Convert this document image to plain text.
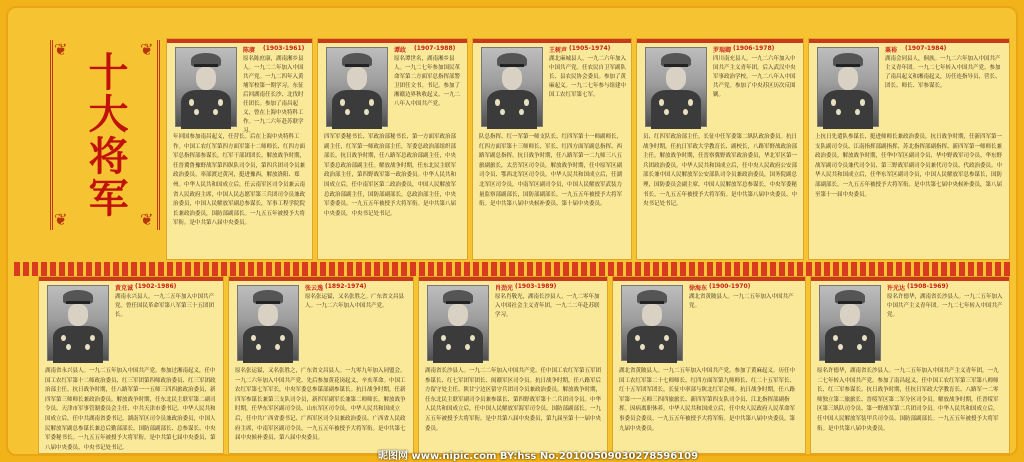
❦	❦
❦	❦
十大将军
陈赓 (1903-1961)
原名陈庶康，湖南湘乡县人。一九二二年加入中国共产党。一九二四年入黄埔军校第一期学习。东征后回湖南任长沙、北伐时任团长。参加了南昌起义，曾在上海中央特科工作。一九二六年赴苏联学习。
年回国参加南昌起义，任营长。后在上海中央特科工作。中国工农红军第四方面军第十二师师长、红四方面军总指挥部参谋长，红军干部团团长。解放战争时期，任晋冀鲁豫野战军第四纵队司令员，第四兵团司令员兼政治委员。率部渡过黄河，挺进豫西，解放洛阳、郑州。中华人民共和国成立后，任云南军区司令员兼云南省人民政府主席，中国人民志愿军第三兵团司令员兼政治委员，中国人民解放军副总参谋长，军事工程学院院长兼政治委员，国防部副部长。一九五五年被授予大将军衔。是中共第八届中央委员。
谭政 (1907-1988)
原名谭世名，湖南湘乡县人。一九二七年参加国民革命军第二方面军总指挥部警卫团任文书。书记。参加了湘赣边界秋收起义。一九二八年入中国共产党。
四军军委秘书长、军政治部秘书长、第一方面军政治部副主任，红军第一师政治部主任，军委总政治部组织部部长。抗日战争时期，任八路军总政治部副主任，中央军委总政治部副主任。解放战争时期，任东北民主联军政治部主任，第四野战军第一政治委员。中华人民共和国成立后，任中南军区第二政治委员，中国人民解放军总政治部副主任，国防部副部长，总政治部主任，中央军委委员。一九五五年被授予大将军衔。是中共第八届中央委员，中央书记处书记。
王树声 (1905-1974)
湖北麻城县人。一九二六年加入中国共产党。任农民自卫军副队长、县农民协会委员。参加了黄麻起义。一九二七年参与组建中国工农红军第七军。
队总指挥、红一军第一师支队长、红四军第十一师副师长，红四方面军第十三师师长、军长、红四方面军副总指挥、西路军副总指挥。抗日战争时期，任八路军第一二九师三八五旅副旅长，太岳军区司令员。解放战争时期，任中原军区副司令员、鄂西北军区司令员。中华人民共和国成立后，任湖北军区司令员，中南军区副司令员，中国人民解放军武装力量监察部副部长，国防部副部长。一九五五年被授予大将军衔。是中共第八届中央候补委员、第十届中央委员。
罗瑞卿 (1906-1978)
四川南充县人。一九二六年加入中国共产主义青年团，后入武汉中央军事政治学校。一九二八年入中国共产党。参加了中央苏区历次反围剿。
员、红四军政治部主任。长征中任军委第二纵队政治委员。抗日战争时期，任抗日军政大学教育长、副校长，八路军野战政治部主任。解放战争时期，任晋察冀野战军政治委员，华北军区第一兵团政治委员。中华人民共和国成立后，任中央人民政府公安部部长兼中国人民解放军公安部队司令员兼政治委员，国务院副总理，国防委员会副主席，中国人民解放军总参谋长，中央军委秘书长。一九五五年被授予大将军衔。是中共第八届中央委员、中央书记处书记。
粟裕 (1907-1984)
湖南会同县人，侗族。一九二六年加入中国共产主义青年团。一九二七年转入中国共产党。参加了南昌起义和湘南起义，历任连指导员、营长、团长、师长、军参谋长。
上抗日先遣队参谋长、挺进师师长兼政治委员。抗日战争时期，任新四军第一支队副司令员、江南指挥部副指挥、苏北指挥部副指挥、新四军第一师师长兼政治委员。解放战争时期，任华中军区副司令员、华中野战军司令员、华东野战军副司令员兼代司令员、第三野战军副司令员兼代司令员、代政治委员。中华人民共和国成立后，任华东军区副司令员，中国人民解放军总参谋长，国防部副部长。一九五五年被授予大将军衔。是中共第七届中央候补委员，第八届至第十一届中央委员。
黄克诚 (1902-1986)
湖南永兴县人。一九二五年加入中国共产党。曾任国民革命军第八军第三十五团团长。
湖南省永兴县人。一九二五年加入中国共产党。参加过湘南起义，任中国工农红军第十二师政治委员、红三军团第四师政治委员、红三军团政治部主任。抗日战争时期，任八路军第一一五师三四四旅政治委员、新四军第三师师长兼政治委员。解放战争时期，任东北民主联军第二副司令员、天津市军事管制委员会主任、中共天津市委书记。中华人民共和国成立后，任中共湖南省委书记、湖南军区司令员兼政治委员，中国人民解放军副总参谋长兼总后勤部部长、国防部副部长、总参谋长、中央军委秘书长。一九五五年被授予大将军衔。是中共第七届中央委员、第八届中央委员、中央书记处书记。
张云逸 (1892-1974)
原名张运镒，又名张胜之。广东省文昌县人。一九二六年加入中国共产党。
原名张运镒，又名张胜之，广东省文昌县人。一九零九年加入同盟会。一九二六年加入中国共产党。先后参加黄花岗起义、辛亥革命。中国工农红军第七军军长，中央军委总参谋部副参谋长。抗日战争时期，任新四军参谋长兼第三支队司令员，新四军副军长兼第二师师长。解放战争时期，任华东军区副司令员、山东军区司令员。中华人民共和国成立后，任中共广西省委书记、广西军区司令员兼政治委员、广西省人民政府主席，中南军区副司令员。一九五五年被授予大将军衔。是中共第七届中央候补委员、第八届中央委员。
肖劲光 (1903-1989)
原名肖敬光，湖南长沙县人。一九二零年加入中国社会主义青年团。一九二二年赴苏联学习。
湖南省长沙县人。一九二二年加入中国共产党。任中国工农红军第五军团参谋长、红七军团军团长、闽赣军区司令员。抗日战争时期，任八路军后方留守处主任、陕甘宁边区留守兵团司令员兼政治委员。解放战争时期，任东北民主联军副司令员兼参谋长、第四野战军第十二兵团司令员。中华人民共和国成立后，任中国人民解放军海军司令员、国防部副部长。一九五五年被授予大将军衔。是中共第八届中央委员，第九届至第十一届中央委员。
徐海东 (1900-1970)
湖北省黄陂县人。一九二五年加入中国共产党。
湖北省黄陂县人。一九二五年加入中国共产党。参加了黄麻起义。历任中国工农红军第二十七师师长、红四方面军第九师师长、红二十五军军长、红十五军团军团长。长征中率部与陕北红军会师。抗日战争时期，任八路军第一一五师三四四旅旅长、新四军第四支队司令员、江北指挥部副指挥。因病离职休养。中华人民共和国成立后，任中央人民政府人民革命军事委员会委员。一九五五年被授予大将军衔。是中共第八届中央委员，第九届中央委员。
许光达 (1908-1969)
原名许德华，湖南省长沙县人。一九二五年加入中国共产主义青年团。一九二七年转入中国共产党。
原名许德华，湖南省长沙县人。一九二五年加入中国共产主义青年团，一九二七年转入中国共产党。参加了南昌起义。任中国工农红军第三军第八师师长、红三军参谋长。抗日战争时期，任抗日军政大学教育长、八路军一二零师独立第二旅旅长、晋绥军区第二军分区司令员。解放战争时期，任晋绥军区第三纵队司令员、第一野战军第二兵团司令员。中华人民共和国成立后，任中国人民解放军装甲兵司令员、国防部副部长。一九五五年被授予大将军衔。是中共第八届中央委员。
昵图网 www.nipic.com BY:hss No.20100509030278596109
